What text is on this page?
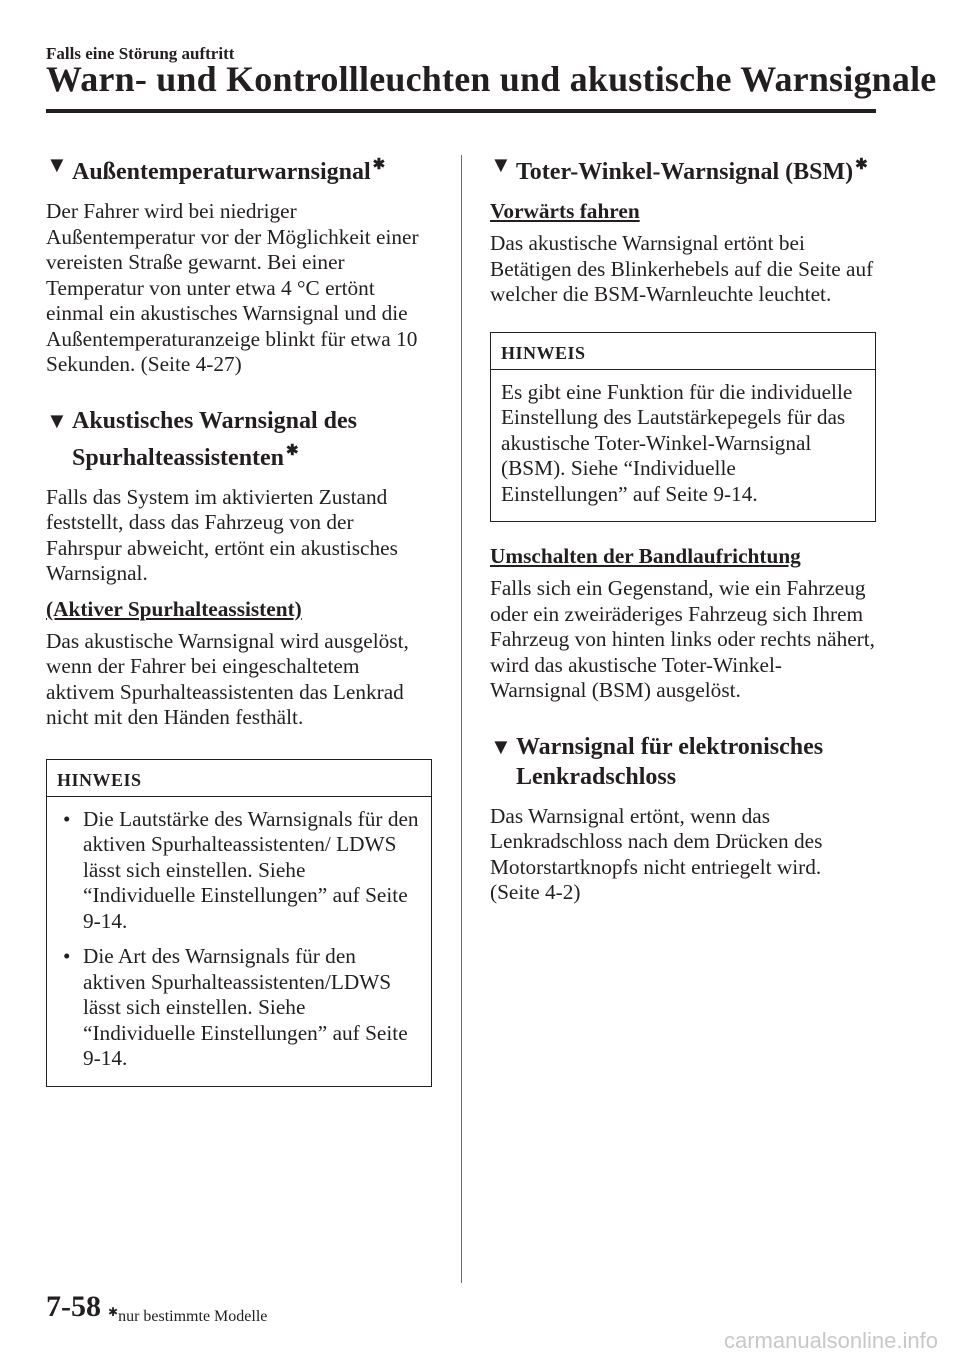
Falls eine Störung auftritt
Warn- und Kontrollleuchten und akustische Warnsignale
▼ Außentemperaturwarnsignal ✱

Der Fahrer wird bei niedriger Außentemperatur vor der Möglichkeit einer vereisten Straße gewarnt. Bei einer Temperatur von unter etwa 4 °C ertönt einmal ein akustisches Warnsignal und die Außentemperaturanzeige blinkt für etwa 10 Sekunden. (Seite 4-27)

▼ Akustisches Warnsignal des
Spurhalteassistenten ✱

Falls das System im aktivierten Zustand feststellt, dass das Fahrzeug von der Fahrspur abweicht, ertönt ein akustisches Warnsignal.

(Aktiver Spurhalteassistent)

Das akustische Warnsignal wird ausgelöst, wenn der Fahrer bei eingeschaltetem aktivem Spurhalteassistenten das Lenkrad nicht mit den Händen festhält.

HINWEIS
• Die Lautstärke des Warnsignals für den aktiven Spurhalteassistenten/ LDWS lässt sich einstellen. Siehe “Individuelle Einstellungen” auf Seite 9-14.
• Die Art des Warnsignals für den aktiven Spurhalteassistenten/LDWS lässt sich einstellen. Siehe “Individuelle Einstellungen” auf Seite 9-14.
▼ Toter-Winkel-Warnsignal (BSM) ✱
Vorwärts fahren

Das akustische Warnsignal ertönt bei Betätigen des Blinkerhebels auf die Seite auf welcher die BSM-Warnleuchte leuchtet.

HINWEIS
Es gibt eine Funktion für die individuelle Einstellung des Lautstärkepegels für das akustische Toter-Winkel-Warnsignal (BSM). Siehe “Individuelle Einstellungen” auf Seite 9-14.
Umschalten der Bandlaufrichtung

Falls sich ein Gegenstand, wie ein Fahrzeug oder ein zweiräderiges Fahrzeug sich Ihrem Fahrzeug von hinten links oder rechts nähert, wird das akustische Toter-Winkel-Warnsignal (BSM) ausgelöst.

▼ Warnsignal für elektronisches
Lenkradschloss

Das Warnsignal ertönt, wenn das Lenkradschloss nach dem Drücken des Motorstartknopfs nicht entriegelt wird. (Seite 4-2)

7-58 ✱nur bestimmte Modelle
carmanualsonline.info
